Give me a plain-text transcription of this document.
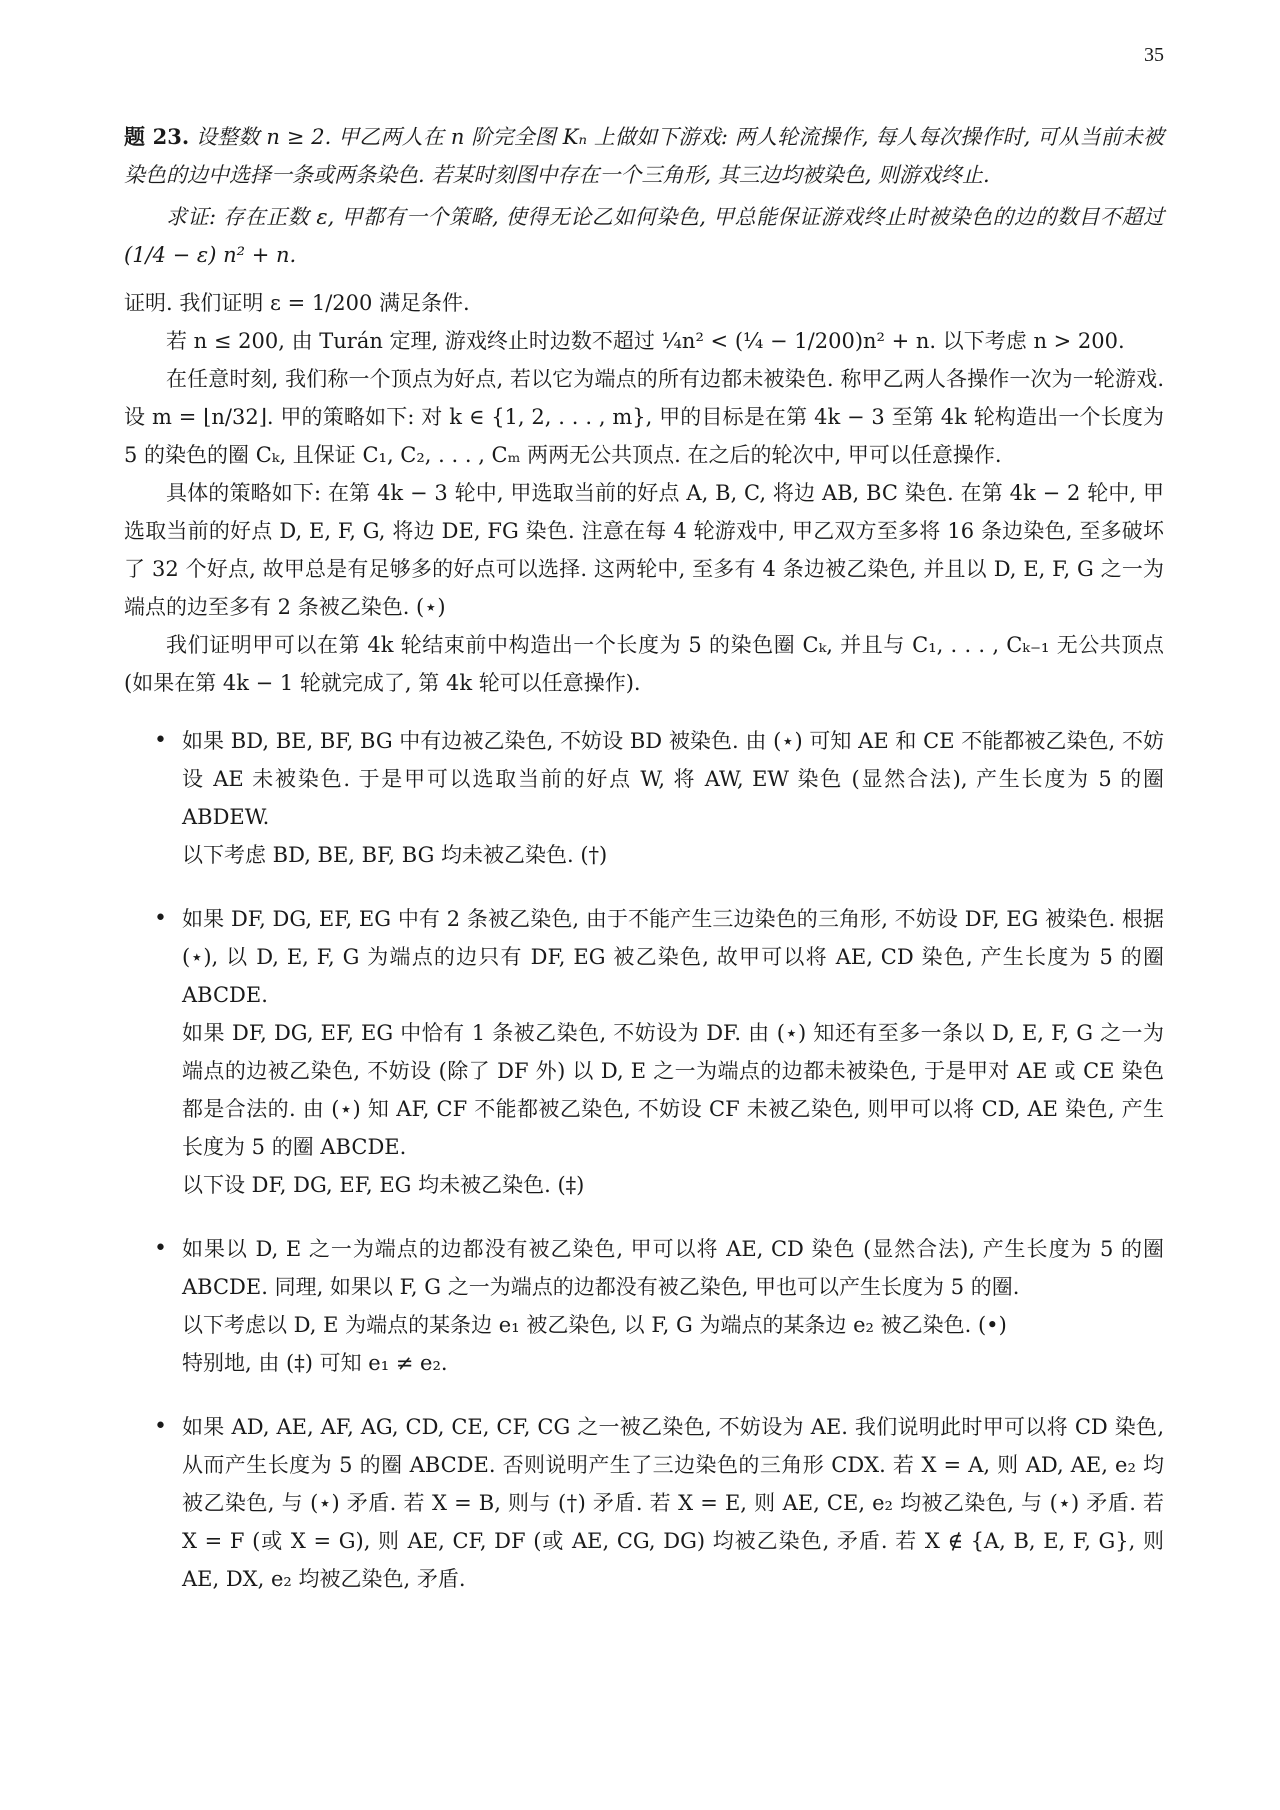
35

题 23. 设整数 n ≥ 2. 甲乙两人在 n 阶完全图 Kₙ 上做如下游戏: 两人轮流操作, 每人每次操作时, 可从当前未被染色的边中选择一条或两条染色. 若某时刻图中存在一个三角形, 其三边均被染色, 则游戏终止.

求证: 存在正数 ε, 甲都有一个策略, 使得无论乙如何染色, 甲总能保证游戏终止时被染色的边的数目不超过 (1/4 − ε) n² + n.

证明. 我们证明 ε = 1/200 满足条件.

若 n ≤ 200, 由 Turán 定理, 游戏终止时边数不超过 ¼n² < (¼ − 1/200)n² + n. 以下考虑 n > 200.

在任意时刻, 我们称一个顶点为好点, 若以它为端点的所有边都未被染色. 称甲乙两人各操作一次为一轮游戏. 设 m = ⌊n/32⌋. 甲的策略如下: 对 k ∈ {1, 2, . . . , m}, 甲的目标是在第 4k − 3 至第 4k 轮构造出一个长度为 5 的染色的圈 Cₖ, 且保证 C₁, C₂, . . . , Cₘ 两两无公共顶点. 在之后的轮次中, 甲可以任意操作.

具体的策略如下: 在第 4k − 3 轮中, 甲选取当前的好点 A, B, C, 将边 AB, BC 染色. 在第 4k − 2 轮中, 甲选取当前的好点 D, E, F, G, 将边 DE, FG 染色. 注意在每 4 轮游戏中, 甲乙双方至多将 16 条边染色, 至多破坏了 32 个好点, 故甲总是有足够多的好点可以选择. 这两轮中, 至多有 4 条边被乙染色, 并且以 D, E, F, G 之一为端点的边至多有 2 条被乙染色. (⋆)

我们证明甲可以在第 4k 轮结束前中构造出一个长度为 5 的染色圈 Cₖ, 并且与 C₁, . . . , Cₖ₋₁ 无公共顶点 (如果在第 4k − 1 轮就完成了, 第 4k 轮可以任意操作).

• 如果 BD, BE, BF, BG 中有边被乙染色, 不妨设 BD 被染色. 由 (⋆) 可知 AE 和 CE 不能都被乙染色, 不妨设 AE 未被染色. 于是甲可以选取当前的好点 W, 将 AW, EW 染色 (显然合法), 产生长度为 5 的圈 ABDEW.

以下考虑 BD, BE, BF, BG 均未被乙染色. (†)

• 如果 DF, DG, EF, EG 中有 2 条被乙染色, 由于不能产生三边染色的三角形, 不妨设 DF, EG 被染色. 根据 (⋆), 以 D, E, F, G 为端点的边只有 DF, EG 被乙染色, 故甲可以将 AE, CD 染色, 产生长度为 5 的圈 ABCDE.

如果 DF, DG, EF, EG 中恰有 1 条被乙染色, 不妨设为 DF. 由 (⋆) 知还有至多一条以 D, E, F, G 之一为端点的边被乙染色, 不妨设 (除了 DF 外) 以 D, E 之一为端点的边都未被染色, 于是甲对 AE 或 CE 染色都是合法的. 由 (⋆) 知 AF, CF 不能都被乙染色, 不妨设 CF 未被乙染色, 则甲可以将 CD, AE 染色, 产生长度为 5 的圈 ABCDE.

以下设 DF, DG, EF, EG 均未被乙染色. (‡)

• 如果以 D, E 之一为端点的边都没有被乙染色, 甲可以将 AE, CD 染色 (显然合法), 产生长度为 5 的圈 ABCDE. 同理, 如果以 F, G 之一为端点的边都没有被乙染色, 甲也可以产生长度为 5 的圈.

以下考虑以 D, E 为端点的某条边 e₁ 被乙染色, 以 F, G 为端点的某条边 e₂ 被乙染色. (•)

特别地, 由 (‡) 可知 e₁ ≠ e₂.

• 如果 AD, AE, AF, AG, CD, CE, CF, CG 之一被乙染色, 不妨设为 AE. 我们说明此时甲可以将 CD 染色, 从而产生长度为 5 的圈 ABCDE. 否则说明产生了三边染色的三角形 CDX. 若 X = A, 则 AD, AE, e₂ 均被乙染色, 与 (⋆) 矛盾. 若 X = B, 则与 (†) 矛盾. 若 X = E, 则 AE, CE, e₂ 均被乙染色, 与 (⋆) 矛盾. 若 X = F (或 X = G), 则 AE, CF, DF (或 AE, CG, DG) 均被乙染色, 矛盾. 若 X ∉ {A, B, E, F, G}, 则 AE, DX, e₂ 均被乙染色, 矛盾.
